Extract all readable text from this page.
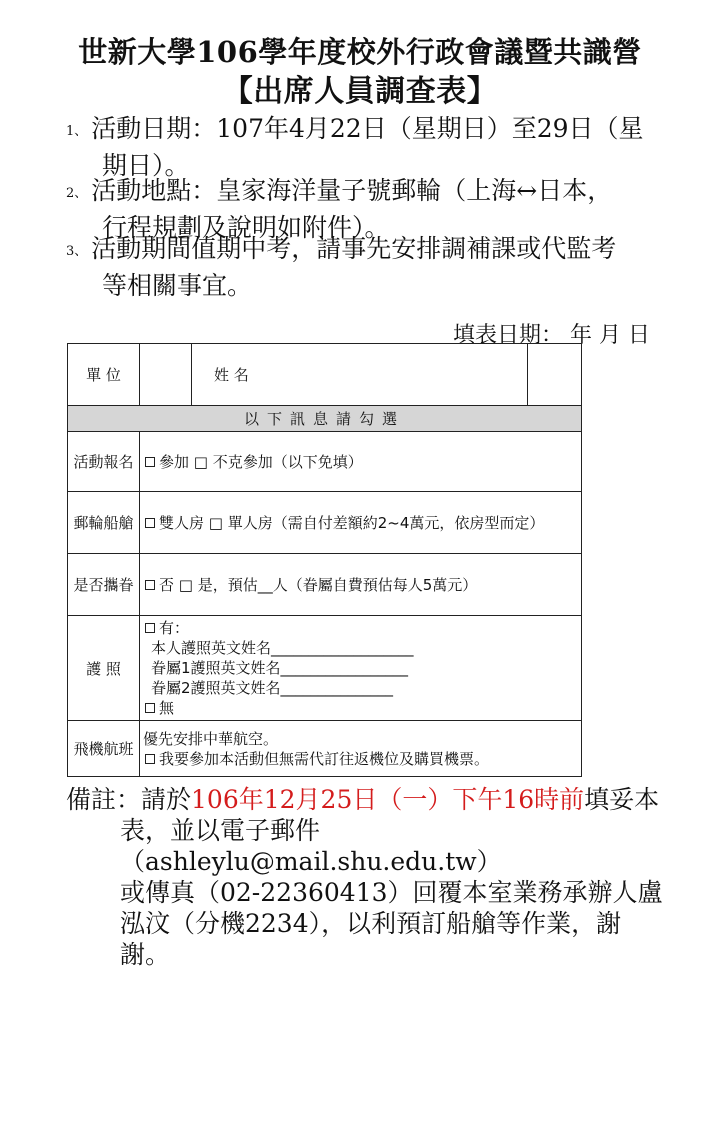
世新大學106學年度校外行政會議暨共識營
【出席人員調查表】
1、 活動日期：107年4月22日（星期日）至29日（星
期日）。
2、 活動地點：皇家海洋量子號郵輪（上海↔日本，
行程規劃及說明如附件）。
3、 活動期間值期中考，請事先安排調補課或代監考
等相關事宜。
填表日期： 年 月 日
單 位		姓 名	
以下訊息請勾選			
活動報名	參加 □ 不克參加（以下免填）		
郵輪船艙	雙人房 □ 單人房（需自付差額約2~4萬元，依房型而定）		
是否攜眷	否 □ 是，預估__人（眷屬自費預估每人5萬元）		
護 照	有：
本人護照英文姓名___________________
眷屬1護照英文姓名_________________
眷屬2護照英文姓名_______________
無		

飛機航班	優先安排中華航空。
我要參加本活動但無需代訂往返機位及購買機票。		
備註：請於106年12月25日（一）下午16時前填妥本
表，並以電子郵件（ashleylu@mail.shu.edu.tw）
或傳真（02-22360413）回覆本室業務承辦人盧
泓汶（分機2234），以利預訂船艙等作業，謝
謝。
